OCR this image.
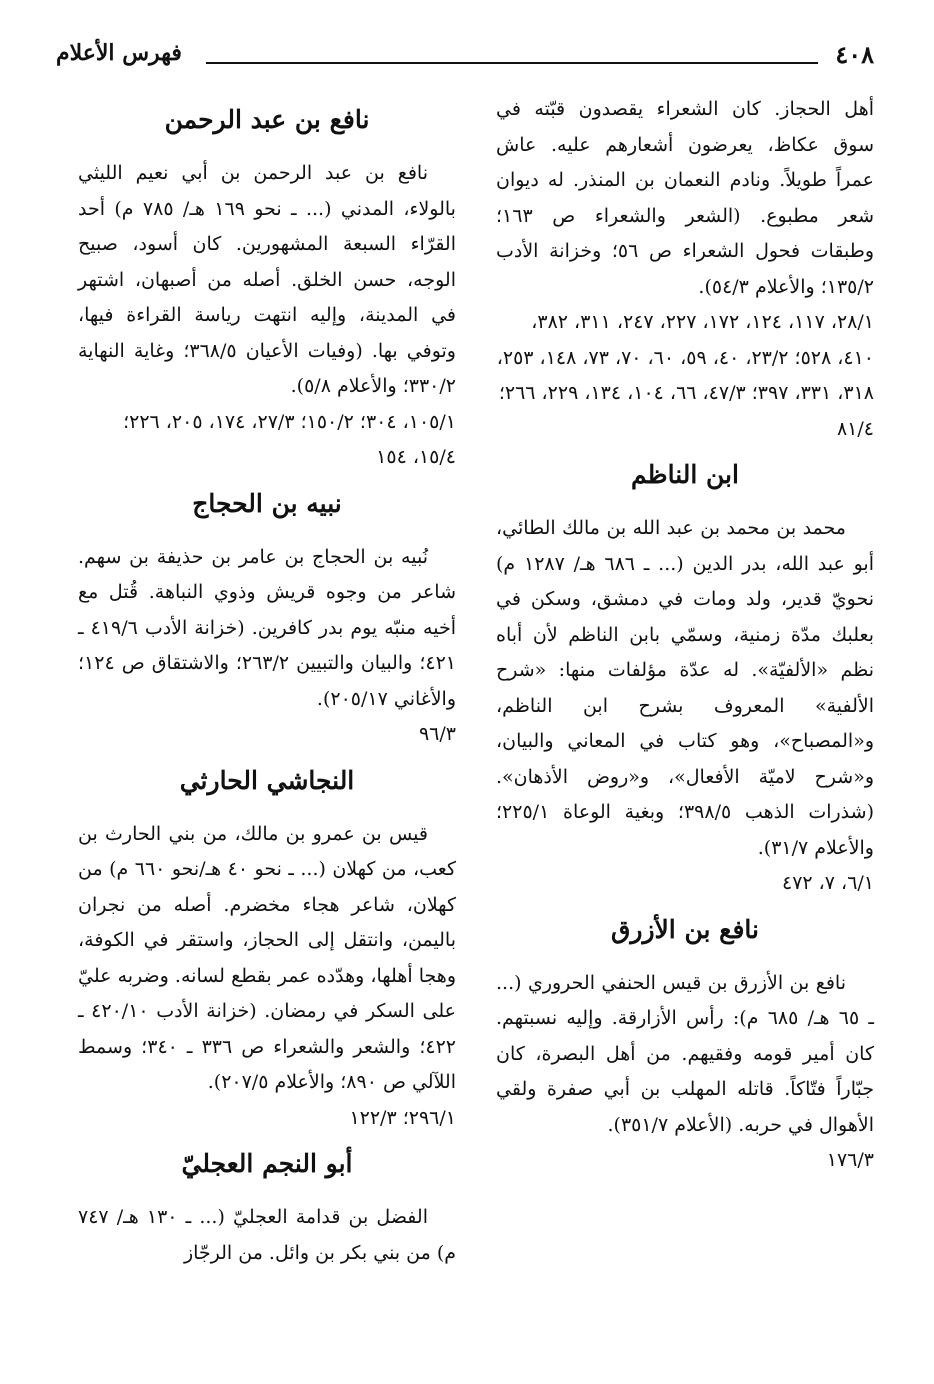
٤٠٨
فهرس الأعلام

أهل الحجاز. كان الشعراء يقصدون قبّته في سوق عكاظ، يعرضون أشعارهم عليه. عاش عمراً طويلاً. ونادم النعمان بن المنذر. له ديوان شعر مطبوع. (الشعر والشعراء ص ١٦٣؛ وطبقات فحول الشعراء ص ٥٦؛ وخزانة الأدب ١٣٥/٢؛ والأعلام ٥٤/٣).

٢٨/١، ١١٧، ١٢٤، ١٧٢، ٢٢٧، ٢٤٧، ٣١١، ٣٨٢، ٤١٠، ٥٢٨؛ ٢٣/٢، ٤٠، ٥٩، ٦٠، ٧٠، ٧٣، ١٤٨، ٢٥٣، ٣١٨، ٣٣١، ٣٩٧؛ ٤٧/٣، ٦٦، ١٠٤، ١٣٤، ٢٢٩، ٢٦٦؛ ٨١/٤

ابن الناظم

محمد بن محمد بن عبد الله بن مالك الطائي، أبو عبد الله، بدر الدين (... ـ ٦٨٦ هـ/ ١٢٨٧ م) نحويّ قدير، ولد ومات في دمشق، وسكن في بعلبك مدّة زمنية، وسمّي بابن الناظم لأن أباه نظم «الألفيّة». له عدّة مؤلفات منها: «شرح الألفية» المعروف بشرح ابن الناظم، و«المصباح»، وهو كتاب في المعاني والبيان، و«شرح لاميّة الأفعال»، و«روض الأذهان». (شذرات الذهب ٣٩٨/٥؛ وبغية الوعاة ٢٢٥/١؛ والأعلام ٣١/٧).

٦/١، ٧، ٤٧٢

نافع بن الأزرق

نافع بن الأزرق بن قيس الحنفي الحروري (... ـ ٦٥ هـ/ ٦٨٥ م): رأس الأزارقة. وإليه نسبتهم. كان أمير قومه وفقيهم. من أهل البصرة، كان جبّاراً فتّاكاً. قاتله المهلب بن أبي صفرة ولقي الأهوال في حربه. (الأعلام ٣٥١/٧).

١٧٦/٣

نافع بن عبد الرحمن

نافع بن عبد الرحمن بن أبي نعيم الليثي بالولاء، المدني (... ـ نحو ١٦٩ هـ/ ٧٨٥ م) أحد القرّاء السبعة المشهورين. كان أسود، صبيح الوجه، حسن الخلق. أصله من أصبهان، اشتهر في المدينة، وإليه انتهت رياسة القراءة فيها، وتوفي بها. (وفيات الأعيان ٣٦٨/٥؛ وغاية النهاية ٣٣٠/٢؛ والأعلام ٥/٨).

١٠٥/١، ٣٠٤؛ ١٥٠/٢؛ ٢٧/٣، ١٧٤، ٢٠٥، ٢٢٦؛ ١٥/٤، ١٥٤

نبيه بن الحجاج

نُبيه بن الحجاج بن عامر بن حذيفة بن سهم. شاعر من وجوه قريش وذوي النباهة. قُتل مع أخيه منبّه يوم بدر كافرين. (خزانة الأدب ٤١٩/٦ ـ ٤٢١؛ والبيان والتبيين ٢٦٣/٢؛ والاشتقاق ص ١٢٤؛ والأغاني ٢٠٥/١٧).

٩٦/٣

النجاشي الحارثي

قيس بن عمرو بن مالك، من بني الحارث بن كعب، من كهلان (... ـ نحو ٤٠ هـ/نحو ٦٦٠ م) من كهلان، شاعر هجاء مخضرم. أصله من نجران باليمن، وانتقل إلى الحجاز، واستقر في الكوفة، وهجا أهلها، وهدّده عمر بقطع لسانه. وضربه عليّ على السكر في رمضان. (خزانة الأدب ٤٢٠/١٠ ـ ٤٢٢؛ والشعر والشعراء ص ٣٣٦ ـ ٣٤٠؛ وسمط اللآلي ص ٨٩٠؛ والأعلام ٢٠٧/٥).

٢٩٦/١؛ ١٢٢/٣

أبو النجم العجليّ

الفضل بن قدامة العجليّ (... ـ ١٣٠ هـ/ ٧٤٧ م) من بني بكر بن وائل. من الرجّاز
